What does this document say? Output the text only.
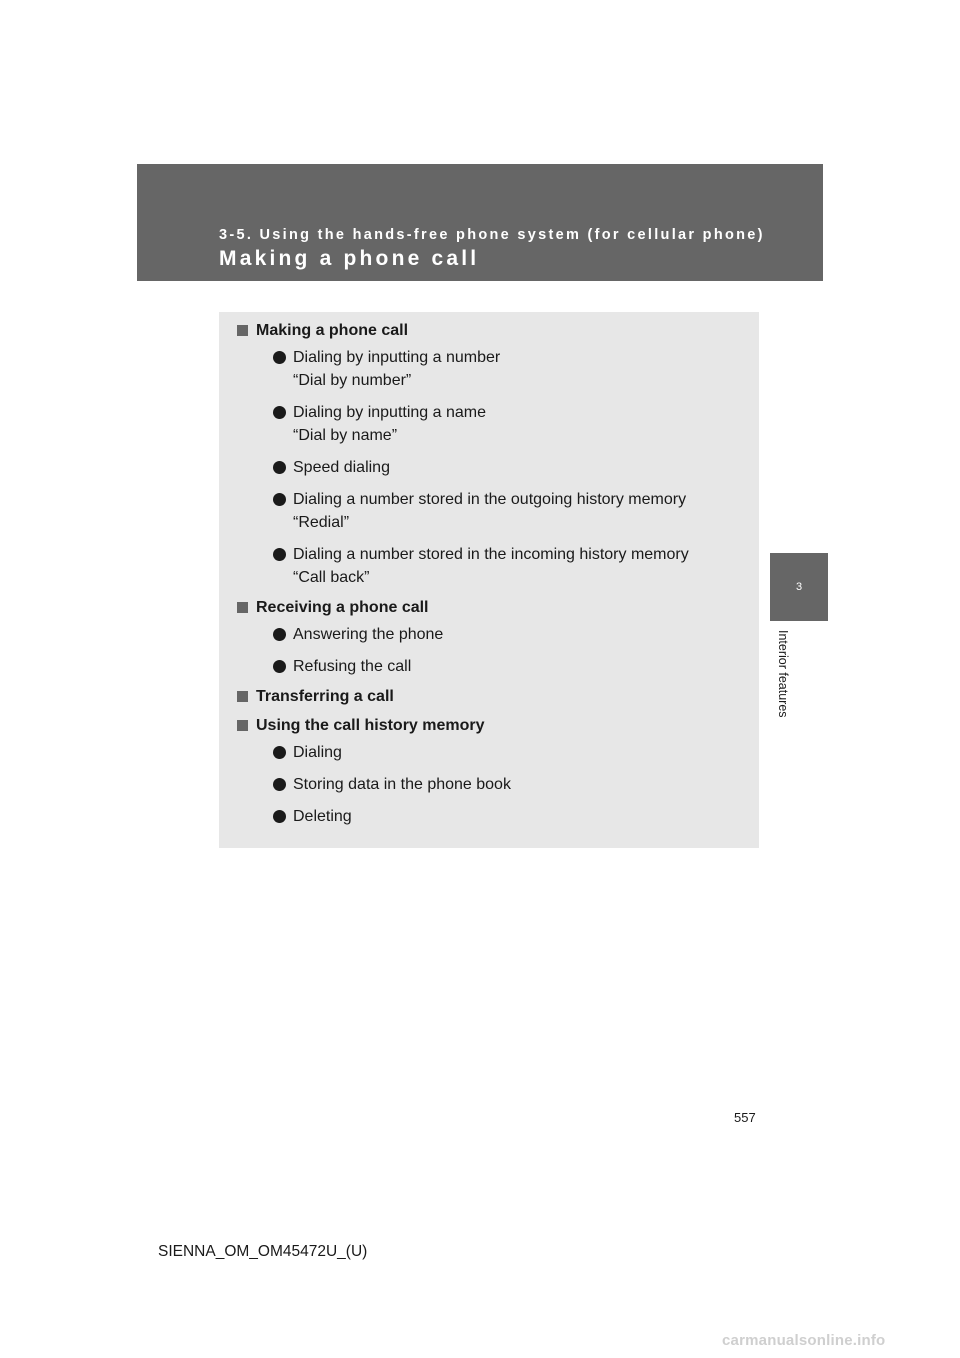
3-5. Using the hands-free phone system (for cellular phone)
Making a phone call
3
Interior features
Making a phone call
Dialing by inputting a number
“Dial by number”
Dialing by inputting a name
“Dial by name”
Speed dialing
Dialing a number stored in the outgoing history memory
“Redial”
Dialing a number stored in the incoming history memory
“Call back”
Receiving a phone call
Answering the phone
Refusing the call
Transferring a call
Using the call history memory
Dialing
Storing data in the phone book
Deleting
557
SIENNA_OM_OM45472U_(U)
carmanualsonline.info
